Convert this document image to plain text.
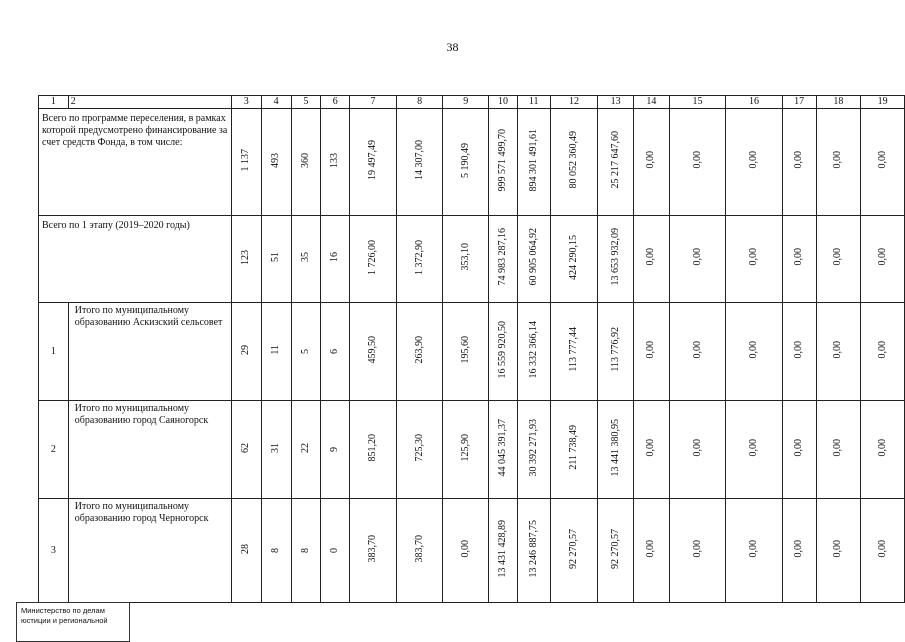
38
1	2	3	4	5	6	7	8	9	10	11	12	13	14	15	16	17	18	19
Всего по программе переселения, в рамках которой предусмотрено финансирование за счет средств Фонда, в том числе:		1 137	493	360	133	19 497,49	14 307,00	5 190,49	999 571 499,70	894 301 491,61	80 052 360,49	25 217 647,60	0,00	0,00	0,00	0,00	0,00	0,00
Всего по 1 этапу (2019–2020 годы)		123	51	35	16	1 726,00	1 372,90	353,10	74 983 287,16	60 905 064,92	424 290,15	13 653 932,09	0,00	0,00	0,00	0,00	0,00	0,00
1	Итого по муниципальному образованию Аскизский сельсовет	29	11	5	6	459,50	263,90	195,60	16 559 920,50	16 332 366,14	113 777,44	113 776,92	0,00	0,00	0,00	0,00	0,00	0,00
2	Итого по муниципальному образованию город Саяногорск	62	31	22	9	851,20	725,30	125,90	44 045 391,37	30 392 271,93	211 738,49	13 441 380,95	0,00	0,00	0,00	0,00	0,00	0,00
3	Итого по муниципальному образованию город Черногорск	28	8	8	0	383,70	383,70	0,00	13 431 428,89	13 246 887,75	92 270,57	92 270,57	0,00	0,00	0,00	0,00	0,00	0,00
Министерство по делам
юстиции и региональной
